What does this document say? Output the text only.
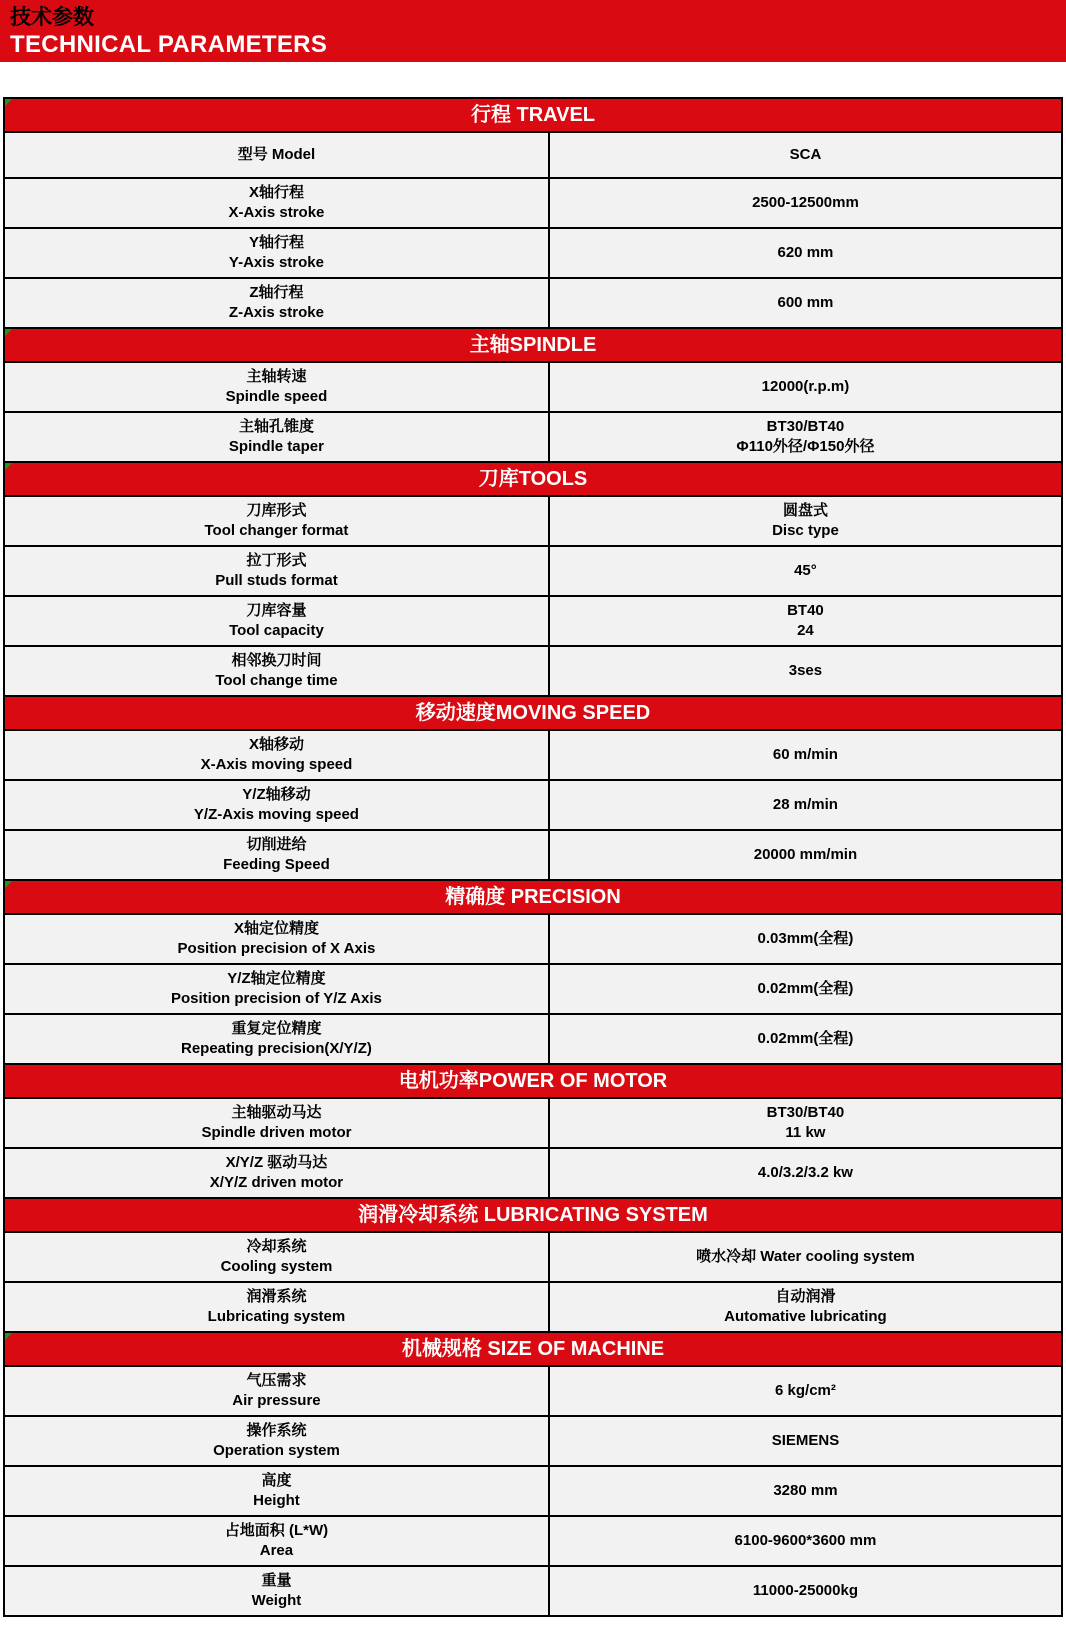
技术参数
TECHNICAL PARAMETERS
行程 TRAVEL
型号 Model	SCA
X轴行程
X-Axis stroke
2500-12500mm
Y轴行程
Y-Axis stroke
620 mm
Z轴行程
Z-Axis stroke
600 mm
主轴SPINDLE
主轴转速
Spindle speed
12000(r.p.m)
主轴孔锥度
Spindle taper
BT30/BT40
Φ110外径/Φ150外径
刀库TOOLS
刀库形式
Tool changer format
圆盘式
Disc type
拉丁形式
Pull studs format
45°
刀库容量
Tool capacity
BT40
24
相邻换刀时间
Tool change time
3ses
移动速度MOVING SPEED
X轴移动
X-Axis moving speed
60 m/min
Y/Z轴移动
Y/Z-Axis moving speed
28 m/min
切削进给
Feeding Speed
20000 mm/min
精确度 PRECISION
X轴定位精度
Position precision of X Axis
0.03mm(全程)
Y/Z轴定位精度
Position precision of Y/Z Axis
0.02mm(全程)
重复定位精度
Repeating precision(X/Y/Z)
0.02mm(全程)
电机功率POWER OF MOTOR
主轴驱动马达
Spindle driven motor
BT30/BT40
11 kw
X/Y/Z 驱动马达
X/Y/Z driven motor
4.0/3.2/3.2 kw
润滑冷却系统 LUBRICATING SYSTEM
冷却系统
Cooling system
喷水冷却 Water cooling system
润滑系统
Lubricating system
自动润滑
Automative lubricating
机械规格 SIZE OF MACHINE
气压需求
Air pressure
6 kg/cm²
操作系统
Operation system
SIEMENS
高度
Height
3280 mm
占地面积 (L*W)
Area
6100-9600*3600 mm
重量
Weight
11000-25000kg
